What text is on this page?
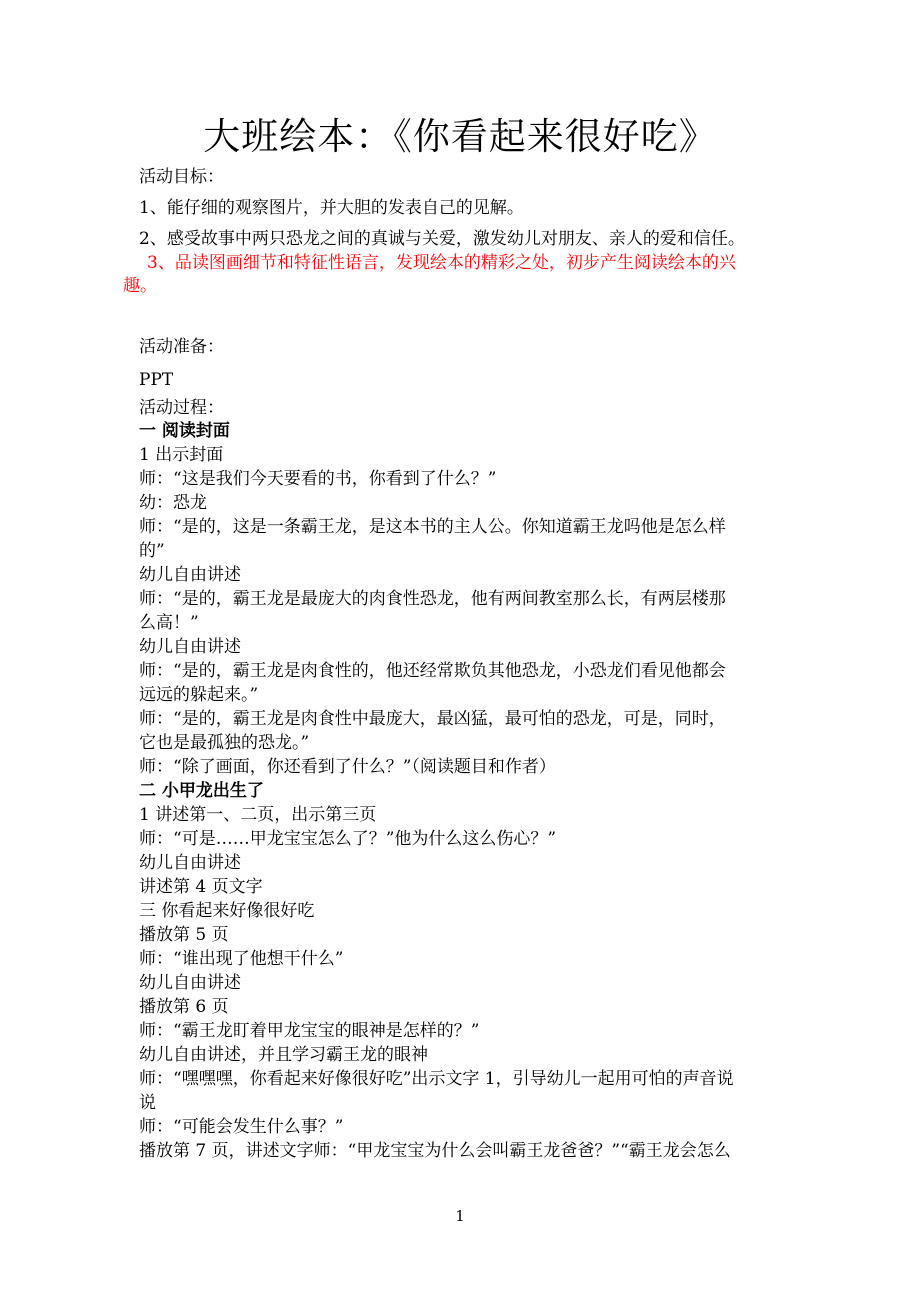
大班绘本：《你看起来很好吃》
活动目标：
1、能仔细的观察图片，并大胆的发表自己的见解。
2、感受故事中两只恐龙之间的真诚与关爱，激发幼儿对朋友、亲人的爱和信任。
3、品读图画细节和特征性语言，发现绘本的精彩之处，初步产生阅读绘本的兴
趣。
活动准备：
PPT
活动过程：
一 阅读封面
1 出示封面
师：“这是我们今天要看的书，你看到了什么？”
幼：恐龙
师：“是的，这是一条霸王龙，是这本书的主人公。你知道霸王龙吗他是怎么样
的”
幼儿自由讲述
师：“是的，霸王龙是最庞大的肉食性恐龙，他有两间教室那么长，有两层楼那
么高！”
幼儿自由讲述
师：“是的，霸王龙是肉食性的，他还经常欺负其他恐龙，小恐龙们看见他都会
远远的躲起来。”
师：“是的，霸王龙是肉食性中最庞大，最凶猛，最可怕的恐龙，可是，同时，
它也是最孤独的恐龙。”
师：“除了画面，你还看到了什么？”（阅读题目和作者）
二 小甲龙出生了
1 讲述第一、二页，出示第三页
师：“可是……甲龙宝宝怎么了？”他为什么这么伤心？”
幼儿自由讲述
讲述第 4 页文字
三 你看起来好像很好吃
播放第 5 页
师：“谁出现了他想干什么”
幼儿自由讲述
播放第 6 页
师：“霸王龙盯着甲龙宝宝的眼神是怎样的？”
幼儿自由讲述，并且学习霸王龙的眼神
师：“嘿嘿嘿，你看起来好像很好吃”出示文字 1，引导幼儿一起用可怕的声音说
说
师：“可能会发生什么事？”
播放第 7 页，讲述文字师：“甲龙宝宝为什么会叫霸王龙爸爸？”“霸王龙会怎么
1
